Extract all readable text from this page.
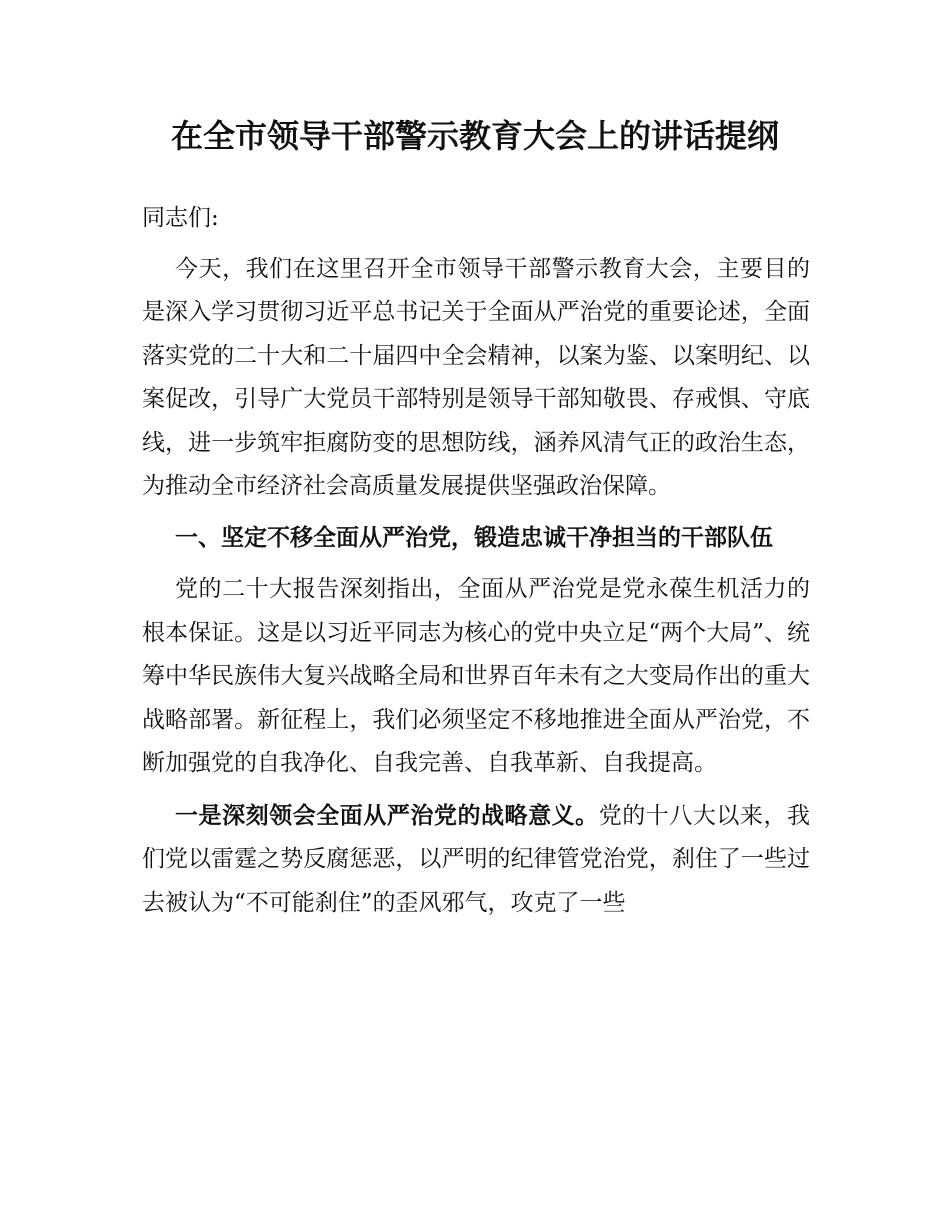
在全市领导干部警示教育大会上的讲话提纲

同志们:

今天，我们在这里召开全市领导干部警示教育大会，主要目的是深入学习贯彻习近平总书记关于全面从严治党的重要论述，全面落实党的二十大和二十届四中全会精神，以案为鉴、以案明纪、以案促改，引导广大党员干部特别是领导干部知敬畏、存戒惧、守底线，进一步筑牢拒腐防变的思想防线，涵养风清气正的政治生态，为推动全市经济社会高质量发展提供坚强政治保障。

一、坚定不移全面从严治党，锻造忠诚干净担当的干部队伍

党的二十大报告深刻指出，全面从严治党是党永葆生机活力的根本保证。这是以习近平同志为核心的党中央立足“两个大局”、统筹中华民族伟大复兴战略全局和世界百年未有之大变局作出的重大战略部署。新征程上，我们必须坚定不移地推进全面从严治党，不断加强党的自我净化、自我完善、自我革新、自我提高。

一是深刻领会全面从严治党的战略意义。党的十八大以来，我们党以雷霆之势反腐惩恶，以严明的纪律管党治党，刹住了一些过去被认为“不可能刹住”的歪风邪气，攻克了一些
